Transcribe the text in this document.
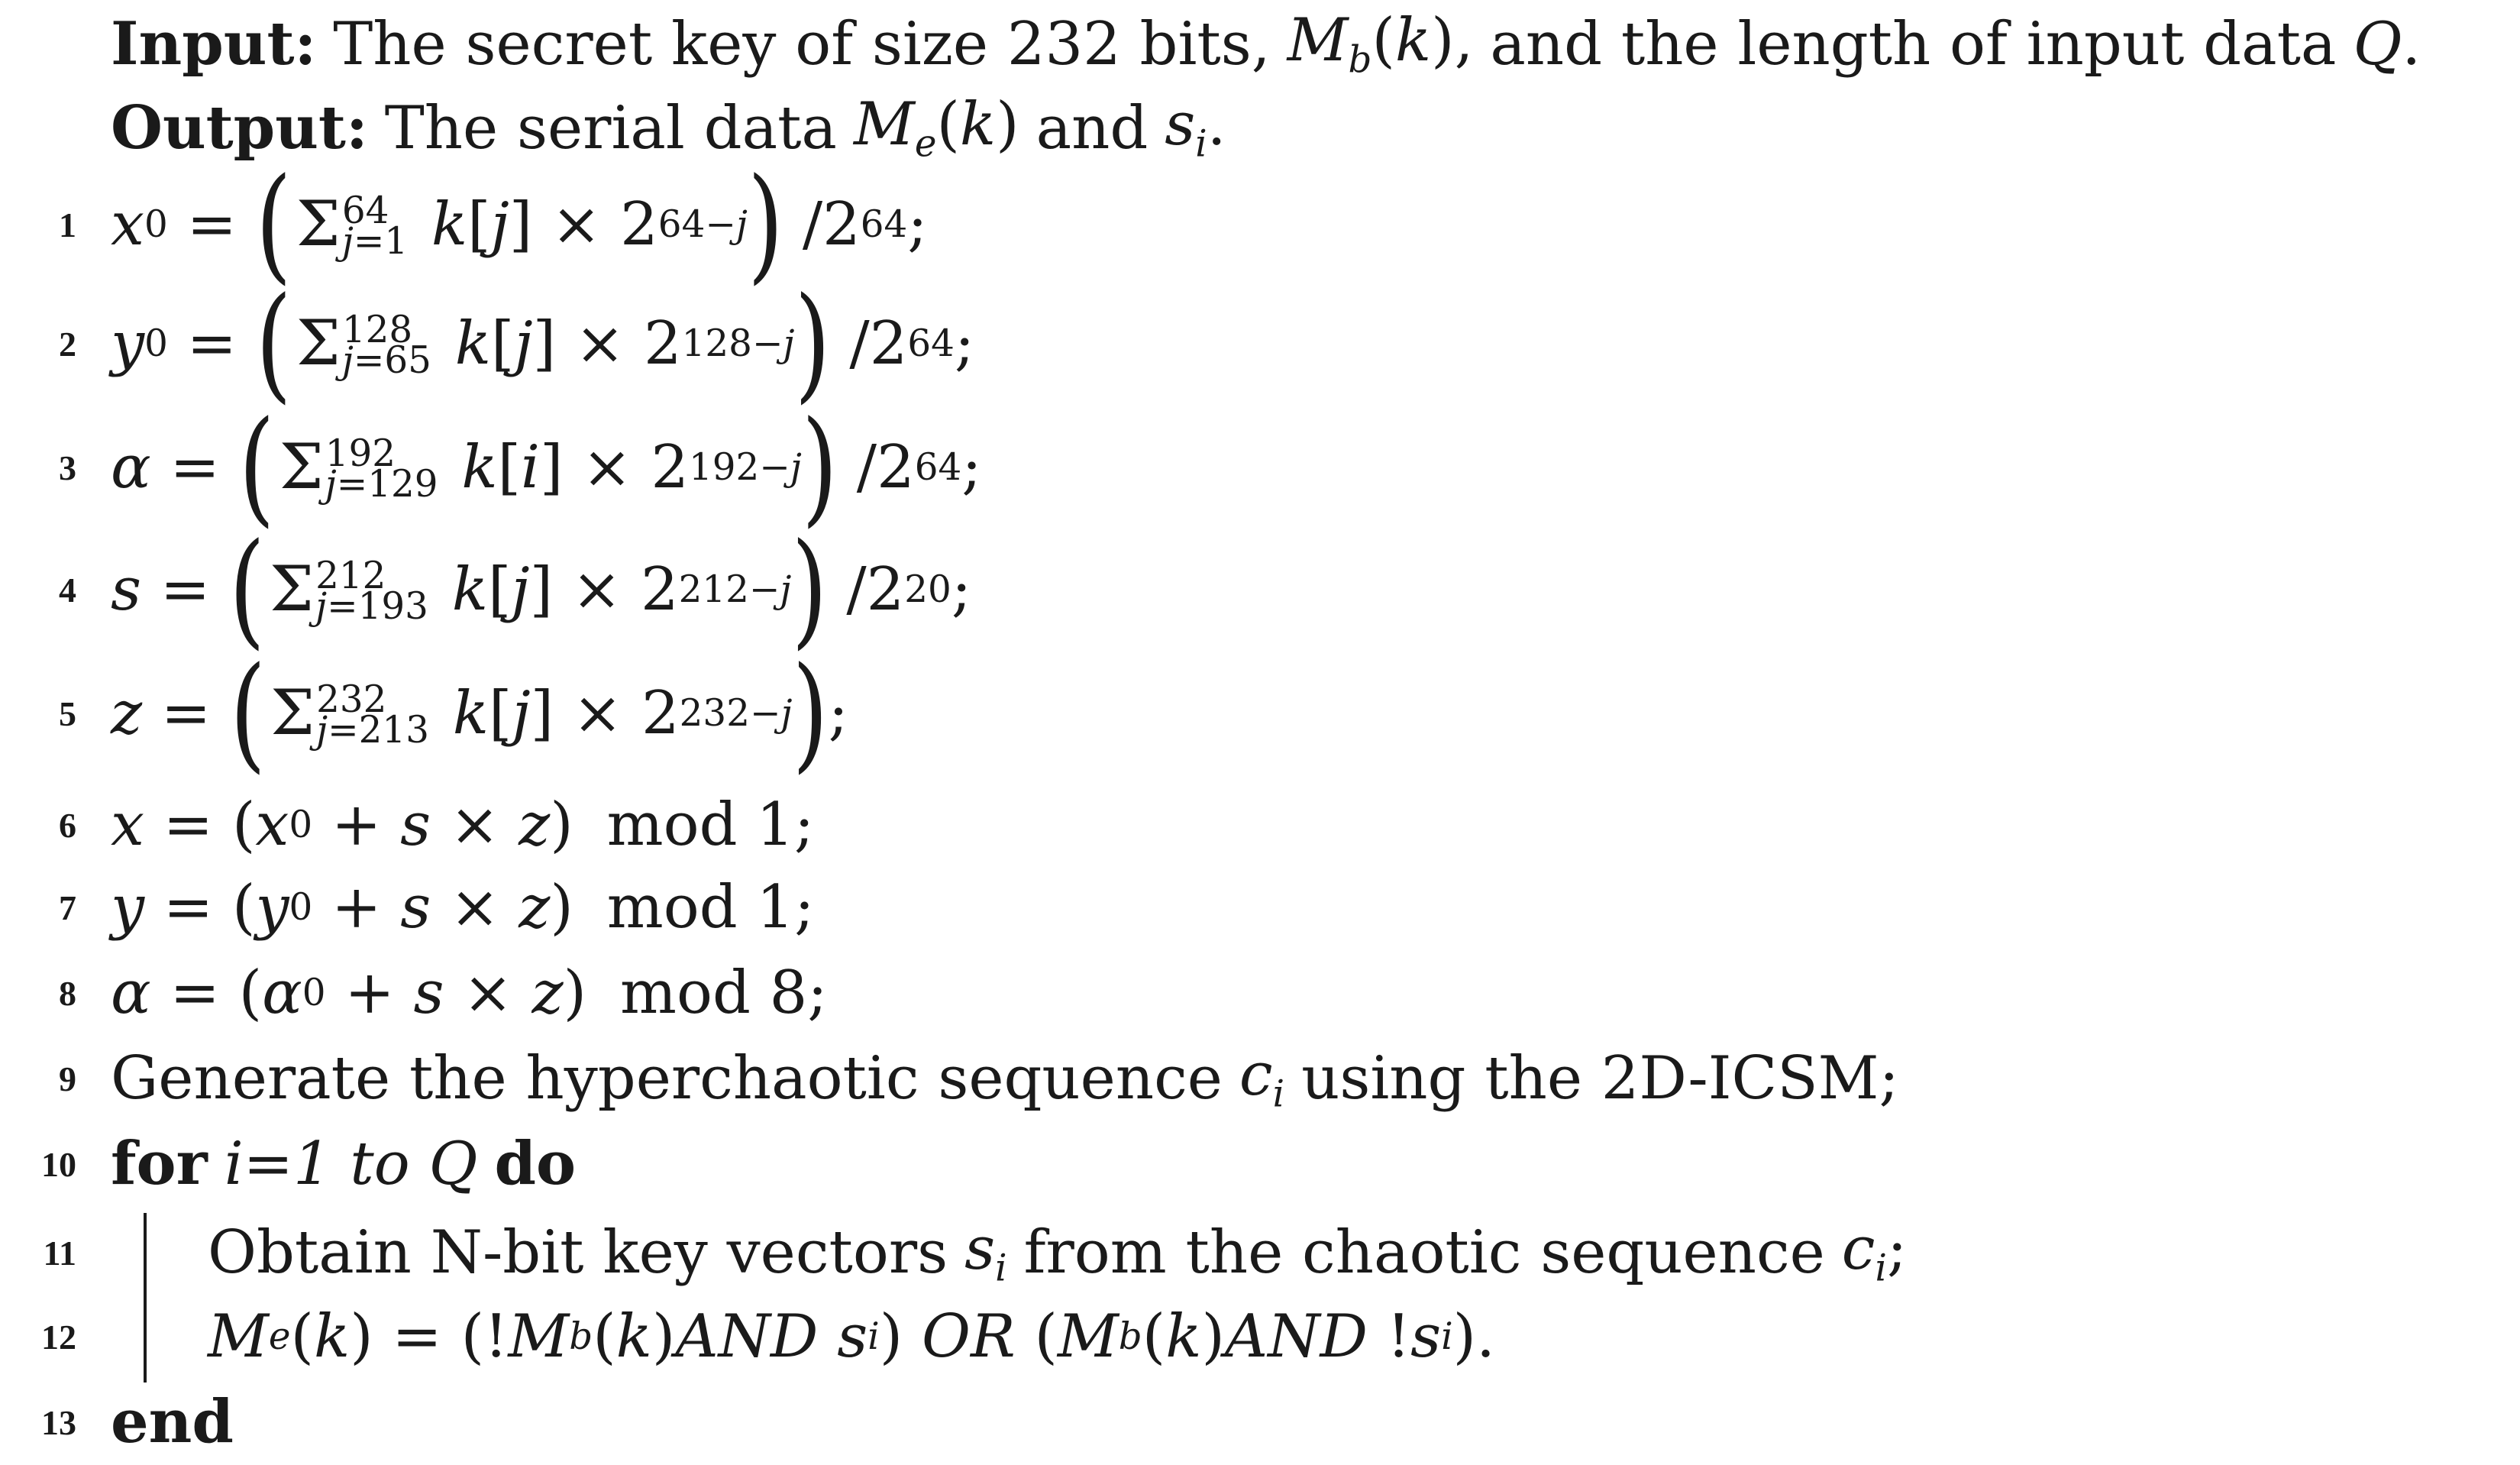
Input: The secret key of size 232 bits, $M_b(k)$, and the length of input data Q.
Output: The serial data $M_e(k)$ and $s_i$.
1 x 0 = ( Σ 64
j=1
k [ j ] × 2 64−j ) /2 64 ;
2 y 0 = ( Σ 128
j=65
k [ j ] × 2 128−j ) /2 64 ;
3 α = ( Σ 192
j=129
k [ i ] × 2 192−j ) /2 64 ;
4 s = ( Σ 212
j=193
k [ j ] × 2 212−j ) /2 20 ;
5 z = ( Σ 232
j=213
k [ j ] × 2 232−j ) ;
6 x = ( x 0 + s × z ) mod 1;
7 y = ( y 0 + s × z ) mod 1;
8 α = ( α 0 + s × z ) mod 8;
9 Generate the hyperchaotic sequence $c_i$ using the 2D-ICSM;
10 for i=1 to Q do
11 Obtain N-bit key vectors $s_i$ from the chaotic sequence $c_i$;
12 M e ( k ) = (! M b ( k ) AND
s i ) OR ( M b ( k ) AND ! s i ).
13 end
